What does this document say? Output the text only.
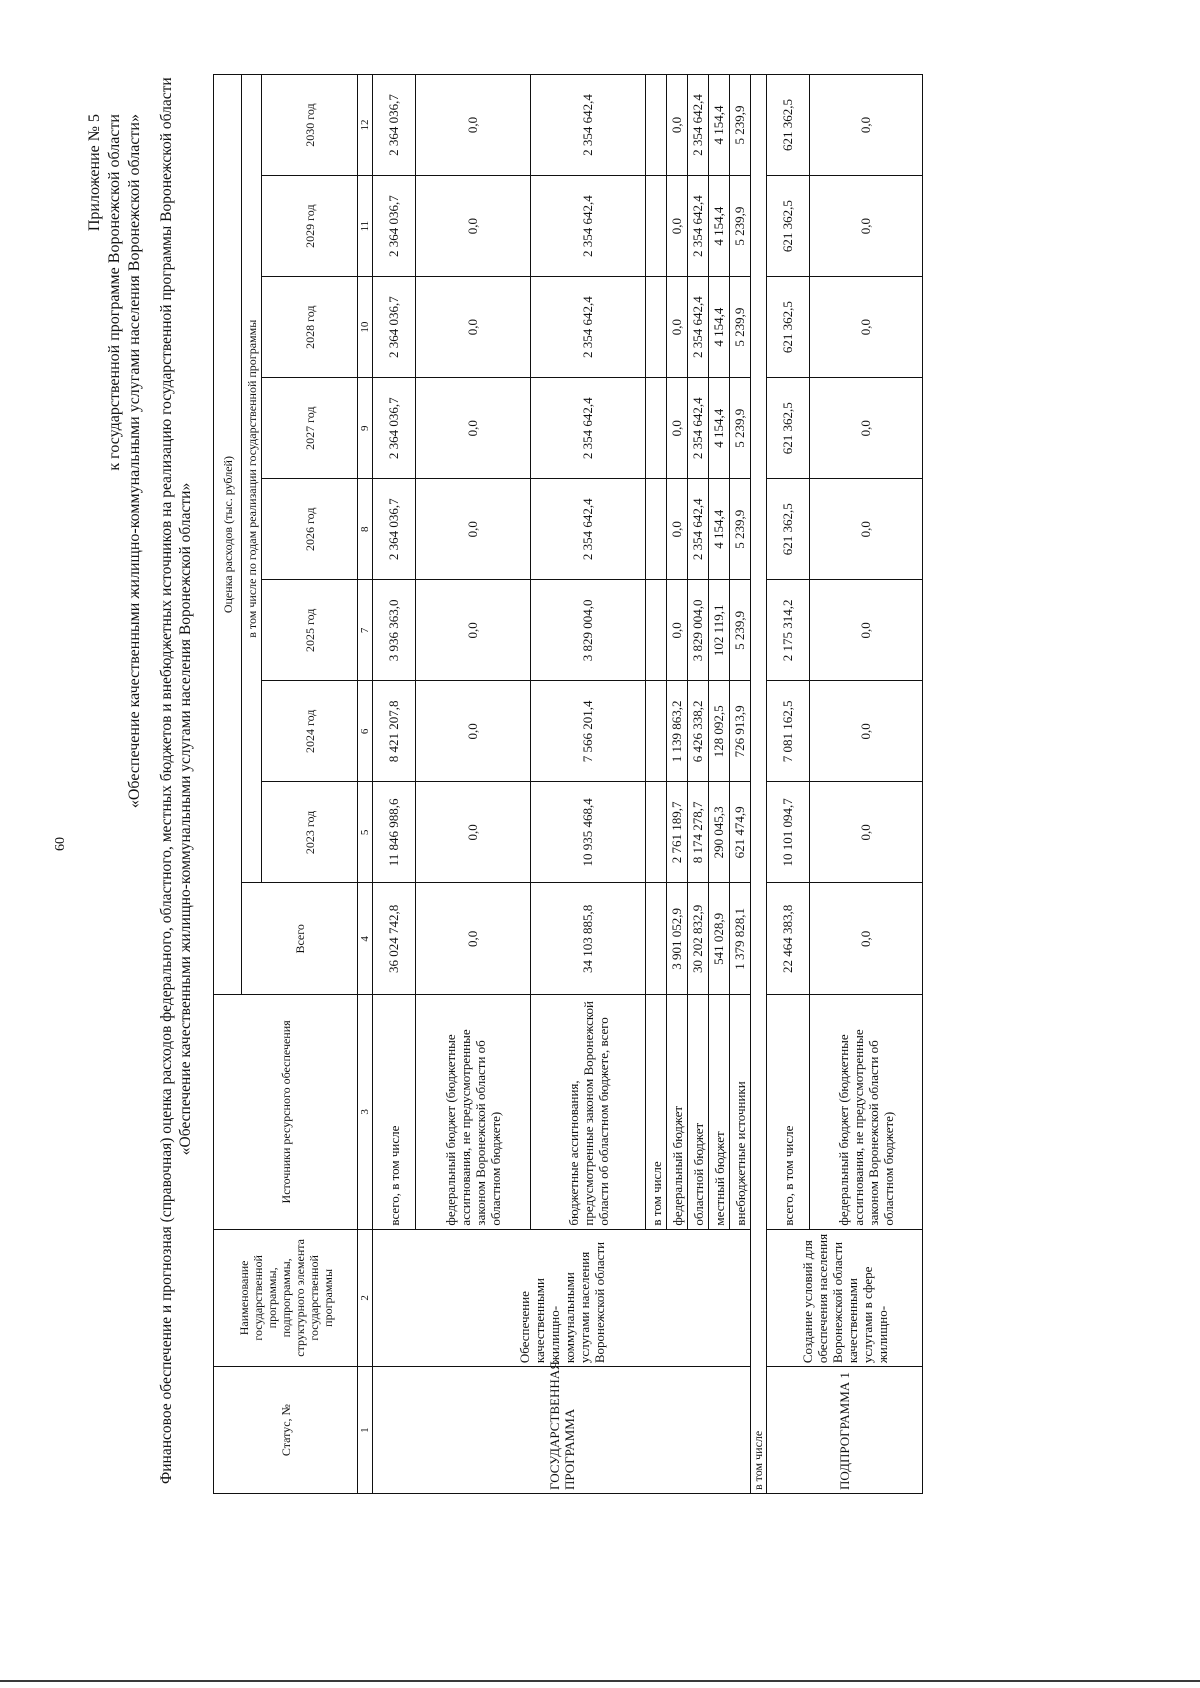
60
Приложение № 5 к государственной программе Воронежской области «Обеспечение качественными жилищно-коммунальными услугами населения Воронежской области» Финансовое обеспечение и прогнозная (справочная) оценка расходов федерального, областного, местных бюджетов и внебюджетных источников на реализацию государственной программы Воронежской области «Обеспечение качественными жилищно-коммунальными услугами населения Воронежской области»
Статус, №	Наименование государственной программы, подпрограммы, структурного элемента государственной программы	Источники ресурсного обеспечения	Оценка расходов (тыс. рублей)								
			Всего	в том числе по годам реализации государственной программы							
				2023 год	2024 год	2025 год	2026 год	2027 год	2028 год	2029 год	2030 год
1	2	3	4	5	6	7	8	9	10	11	12
ГОСУДАРСТВЕННАЯ ПРОГРАММА	Обеспечение качественными жилищно-коммунальными услугами населения Воронежской области	всего, в том числе	36 024 742,8	11 846 988,6	8 421 207,8	3 936 363,0	2 364 036,7	2 364 036,7	2 364 036,7	2 364 036,7	2 364 036,7
		федеральный бюджет (бюджетные ассигнования, не предусмотренные законом Воронежской области об областном бюджете)	0,0	0,0	0,0	0,0	0,0	0,0	0,0	0,0	0,0
		бюджетные ассигнования, предусмотренные законом Воронежской области об областном бюджете, всего	34 103 885,8	10 935 468,4	7 566 201,4	3 829 004,0	2 354 642,4	2 354 642,4	2 354 642,4	2 354 642,4	2 354 642,4
		в том числе									
		федеральный бюджет	3 901 052,9	2 761 189,7	1 139 863,2	0,0	0,0	0,0	0,0	0,0	0,0
		областной бюджет	30 202 832,9	8 174 278,7	6 426 338,2	3 829 004,0	2 354 642,4	2 354 642,4	2 354 642,4	2 354 642,4	2 354 642,4
		местный бюджет	541 028,9	290 045,3	128 092,5	102 119,1	4 154,4	4 154,4	4 154,4	4 154,4	4 154,4
		внебюджетные источники	1 379 828,1	621 474,9	726 913,9	5 239,9	5 239,9	5 239,9	5 239,9	5 239,9	5 239,9
в том числе											
ПОДПРОГРАММА 1	Создание условий для обеспечения населения Воронежской области качественными услугами в сфере жилищно-	всего, в том числе	22 464 383,8	10 101 094,7	7 081 162,5	2 175 314,2	621 362,5	621 362,5	621 362,5	621 362,5	621 362,5
		федеральный бюджет (бюджетные ассигнования, не предусмотренные законом Воронежской области об областном бюджете)	0,0	0,0	0,0	0,0	0,0	0,0	0,0	0,0	0,0
